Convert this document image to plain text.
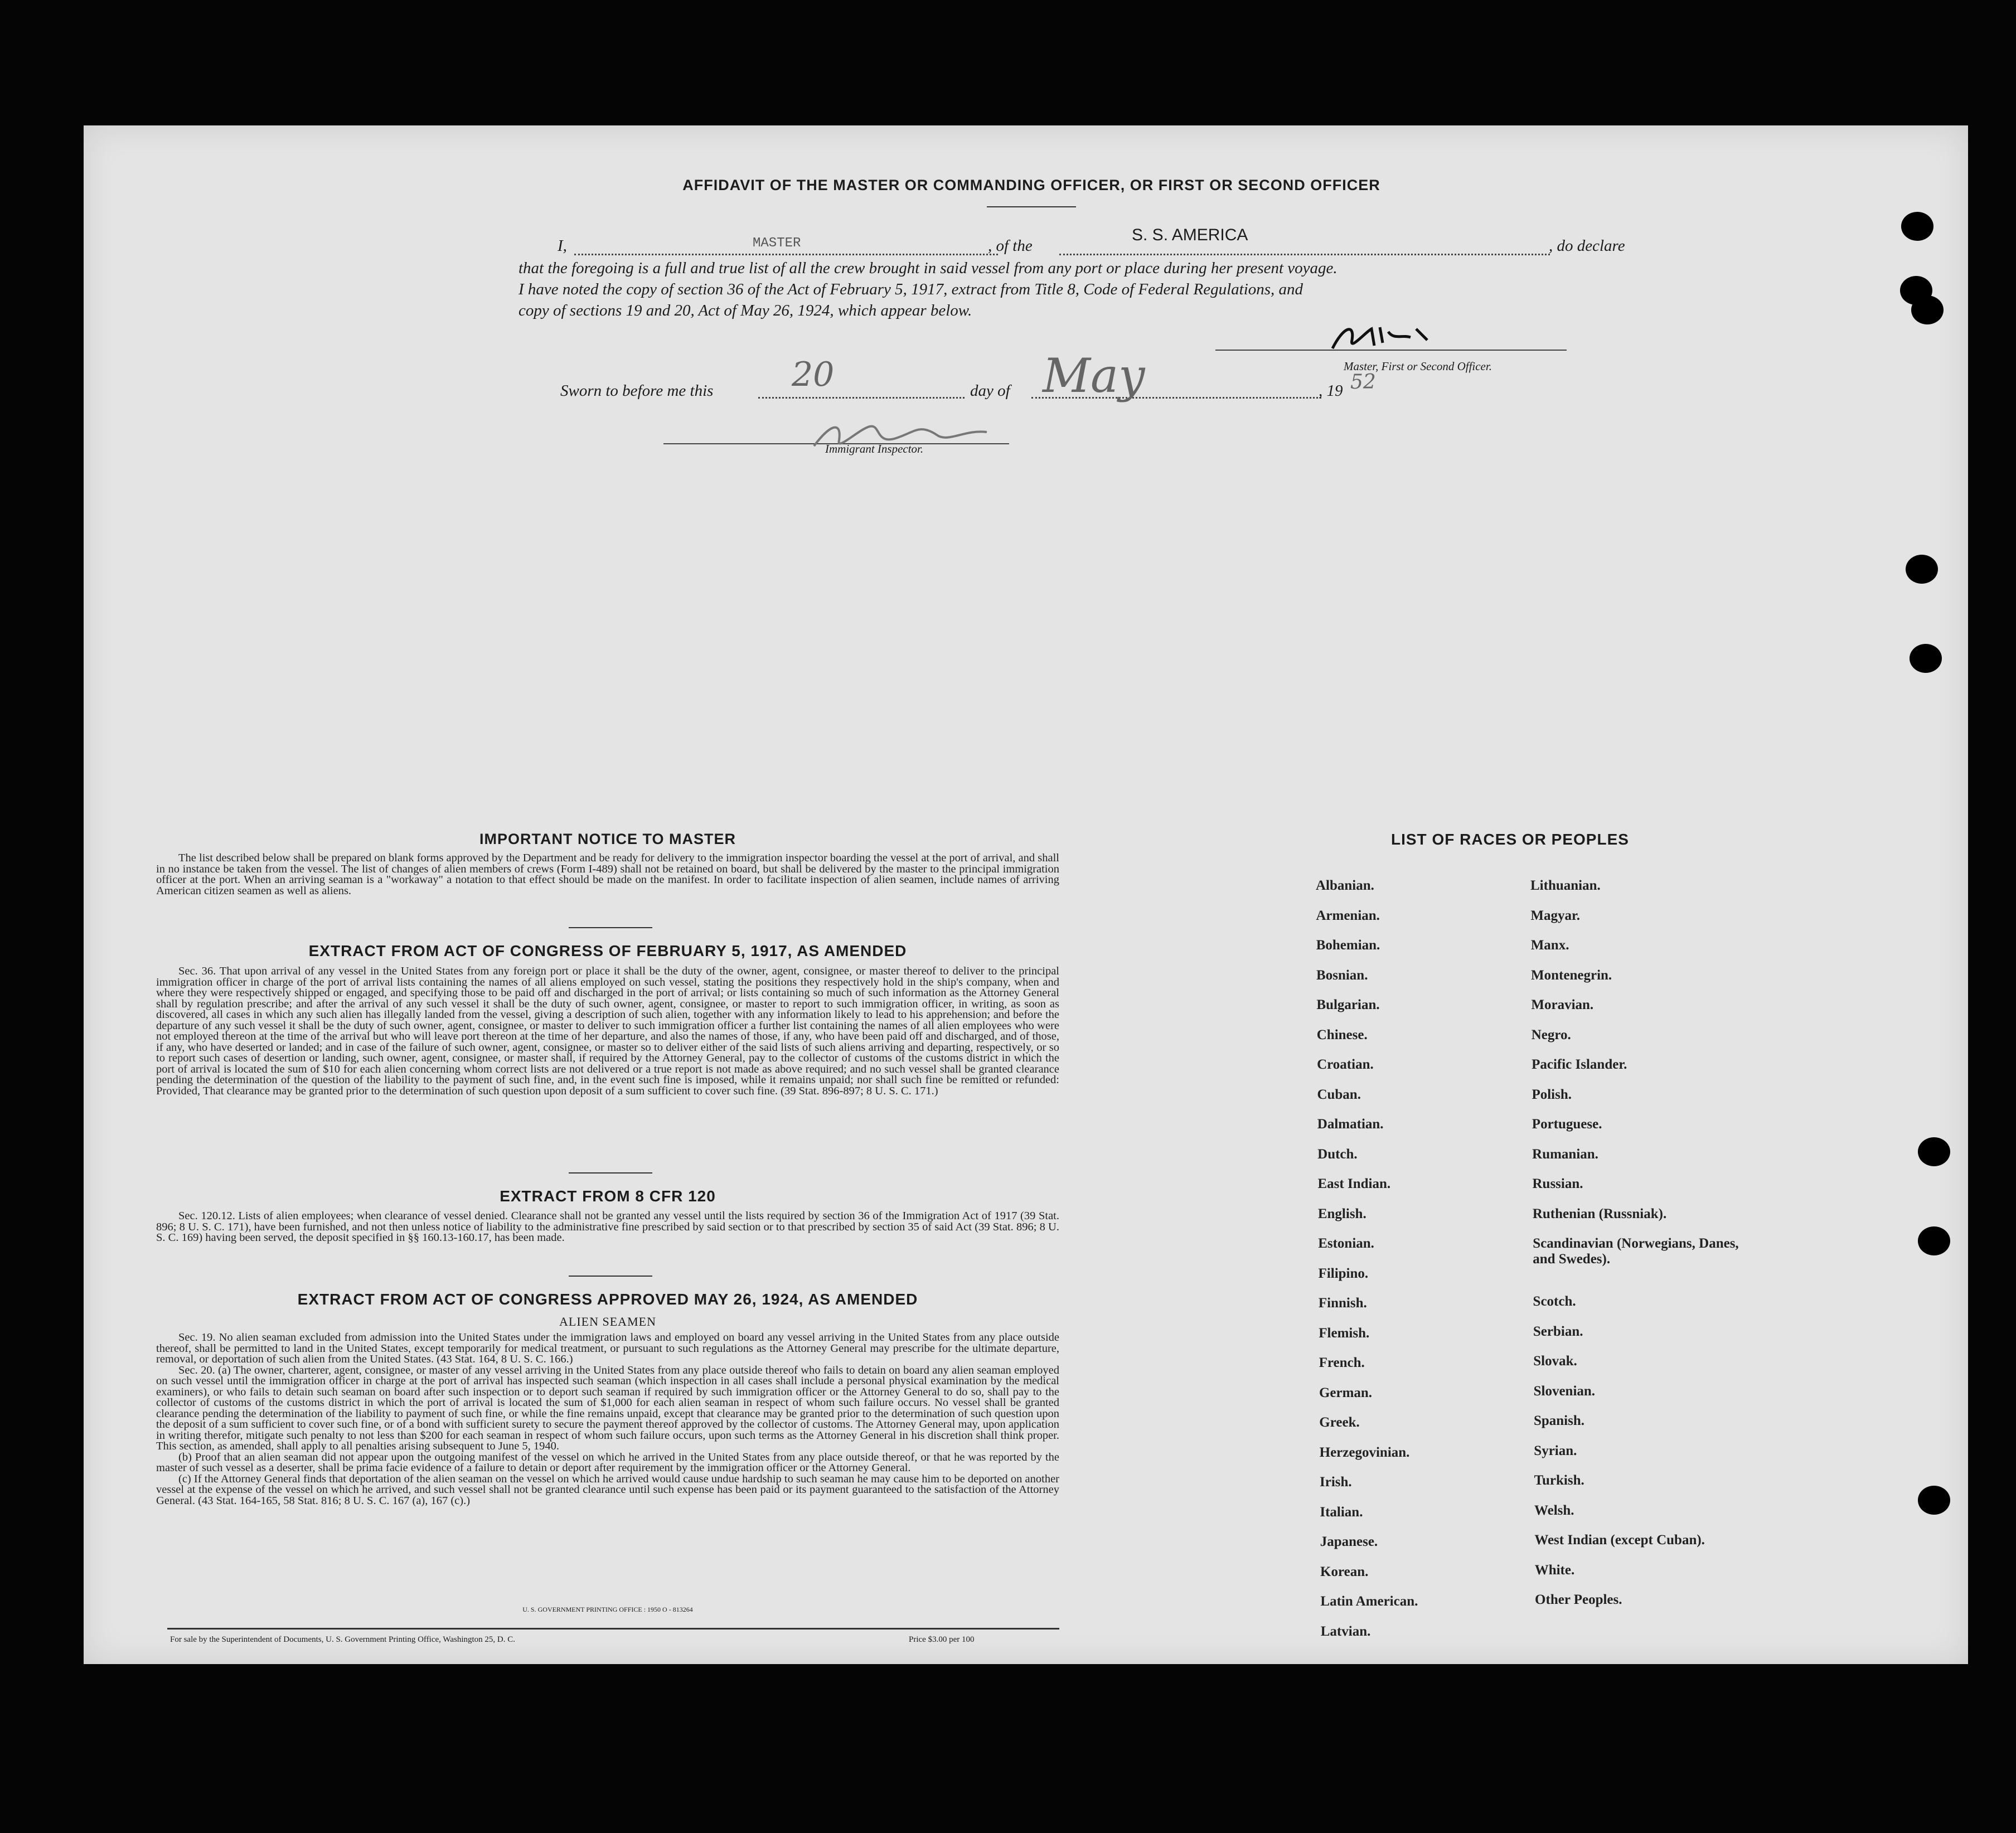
AFFIDAVIT OF THE MASTER OR COMMANDING OFFICER, OR FIRST OR SECOND OFFICER
I,	MASTER	, of the
S. S. AMERICA
, do declare
that the foregoing is a full and true list of all the crew brought in said vessel from any port or place during her present voyage.
I have noted the copy of section 36 of the Act of February 5, 1917, extract from Title 8, Code of Federal Regulations, and
copy of sections 19 and 20, Act of May 26, 1924, which appear below.
Master, First or Second Officer.
Sworn to before me this 20	day of May	, 19 52
Immigrant Inspector.
IMPORTANT NOTICE TO MASTER

The list described below shall be prepared on blank forms approved by the Department and be ready for delivery to the immigration inspector boarding the vessel at the port of arrival, and shall in no instance be taken from the vessel. The list of changes of alien members of crews (Form I-489) shall not be retained on board, but shall be delivered by the master to the principal immigration officer at the port. When an arriving seaman is a "workaway" a notation to that effect should be made on the manifest. In order to facilitate inspection of alien seamen, include names of arriving American citizen seamen as well as aliens.

EXTRACT FROM ACT OF CONGRESS OF FEBRUARY 5, 1917, AS AMENDED

Sec. 36. That upon arrival of any vessel in the United States from any foreign port or place it shall be the duty of the owner, agent, consignee, or master thereof to deliver to the principal immigration officer in charge of the port of arrival lists containing the names of all aliens employed on such vessel, stating the positions they respectively hold in the ship's company, when and where they were respectively shipped or engaged, and specifying those to be paid off and discharged in the port of arrival; or lists containing so much of such information as the Attorney General shall by regulation prescribe; and after the arrival of any such vessel it shall be the duty of such owner, agent, consignee, or master to report to such immigration officer, in writing, as soon as discovered, all cases in which any such alien has illegally landed from the vessel, giving a description of such alien, together with any information likely to lead to his apprehension; and before the departure of any such vessel it shall be the duty of such owner, agent, consignee, or master to deliver to such immigration officer a further list containing the names of all alien employees who were not employed thereon at the time of the arrival but who will leave port thereon at the time of her departure, and also the names of those, if any, who have been paid off and discharged, and of those, if any, who have deserted or landed; and in case of the failure of such owner, agent, consignee, or master so to deliver either of the said lists of such aliens arriving and departing, respectively, or so to report such cases of desertion or landing, such owner, agent, consignee, or master shall, if required by the Attorney General, pay to the collector of customs of the customs district in which the port of arrival is located the sum of $10 for each alien concerning whom correct lists are not delivered or a true report is not made as above required; and no such vessel shall be granted clearance pending the determination of the question of the liability to the payment of such fine, and, in the event such fine is imposed, while it remains unpaid; nor shall such fine be remitted or refunded: Provided, That clearance may be granted prior to the determination of such question upon deposit of a sum sufficient to cover such fine. (39 Stat. 896-897; 8 U. S. C. 171.)

EXTRACT FROM 8 CFR 120

Sec. 120.12. Lists of alien employees; when clearance of vessel denied. Clearance shall not be granted any vessel until the lists required by section 36 of the Immigration Act of 1917 (39 Stat. 896; 8 U. S. C. 171), have been furnished, and not then unless notice of liability to the administrative fine prescribed by said section or to that prescribed by section 35 of said Act (39 Stat. 896; 8 U. S. C. 169) having been served, the deposit specified in §§ 160.13-160.17, has been made.

EXTRACT FROM ACT OF CONGRESS APPROVED MAY 26, 1924, AS AMENDED
ALIEN SEAMEN

Sec. 19. No alien seaman excluded from admission into the United States under the immigration laws and employed on board any vessel arriving in the United States from any place outside thereof, shall be permitted to land in the United States, except temporarily for medical treatment, or pursuant to such regulations as the Attorney General may prescribe for the ultimate departure, removal, or deportation of such alien from the United States. (43 Stat. 164, 8 U. S. C. 166.)

Sec. 20. (a) The owner, charterer, agent, consignee, or master of any vessel arriving in the United States from any place outside thereof who fails to detain on board any alien seaman employed on such vessel until the immigration officer in charge at the port of arrival has inspected such seaman (which inspection in all cases shall include a personal physical examination by the medical examiners), or who fails to detain such seaman on board after such inspection or to deport such seaman if required by such immigration officer or the Attorney General to do so, shall pay to the collector of customs of the customs district in which the port of arrival is located the sum of $1,000 for each alien seaman in respect of whom such failure occurs. No vessel shall be granted clearance pending the determination of the liability to payment of such fine, or while the fine remains unpaid, except that clearance may be granted prior to the determination of such question upon the deposit of a sum sufficient to cover such fine, or of a bond with sufficient surety to secure the payment thereof approved by the collector of customs. The Attorney General may, upon application in writing therefor, mitigate such penalty to not less than $200 for each seaman in respect of whom such failure occurs, upon such terms as the Attorney General in his discretion shall think proper. This section, as amended, shall apply to all penalties arising subsequent to June 5, 1940.

(b) Proof that an alien seaman did not appear upon the outgoing manifest of the vessel on which he arrived in the United States from any place outside thereof, or that he was reported by the master of such vessel as a deserter, shall be prima facie evidence of a failure to detain or deport after requirement by the immigration officer or the Attorney General.

(c) If the Attorney General finds that deportation of the alien seaman on the vessel on which he arrived would cause undue hardship to such seaman he may cause him to be deported on another vessel at the expense of the vessel on which he arrived, and such vessel shall not be granted clearance until such expense has been paid or its payment guaranteed to the satisfaction of the Attorney General. (43 Stat. 164-165, 58 Stat. 816; 8 U. S. C. 167 (a), 167 (c).)

U. S. GOVERNMENT PRINTING OFFICE : 1950 O - 813264
For sale by the Superintendent of Documents, U. S. Government Printing Office, Washington 25, D. C.	Price $3.00 per 100
LIST OF RACES OR PEOPLES
Albanian.
Armenian.
Bohemian.
Bosnian.
Bulgarian.
Chinese.
Croatian.
Cuban.
Dalmatian.
Dutch.
East Indian.
English.
Estonian.
Filipino.
Finnish.
Flemish.
French.
German.
Greek.
Herzegovinian.
Irish.
Italian.
Japanese.
Korean.
Latin American.
Latvian.
Lithuanian.
Magyar.
Manx.
Montenegrin.
Moravian.
Negro.
Pacific Islander.
Polish.
Portuguese.
Rumanian.
Russian.
Ruthenian (Russniak).
Scandinavian (Norwegians, Danes, and Swedes).
Scotch.
Serbian.
Slovak.
Slovenian.
Spanish.
Syrian.
Turkish.
Welsh.
West Indian (except Cuban).
White.
Other Peoples.
